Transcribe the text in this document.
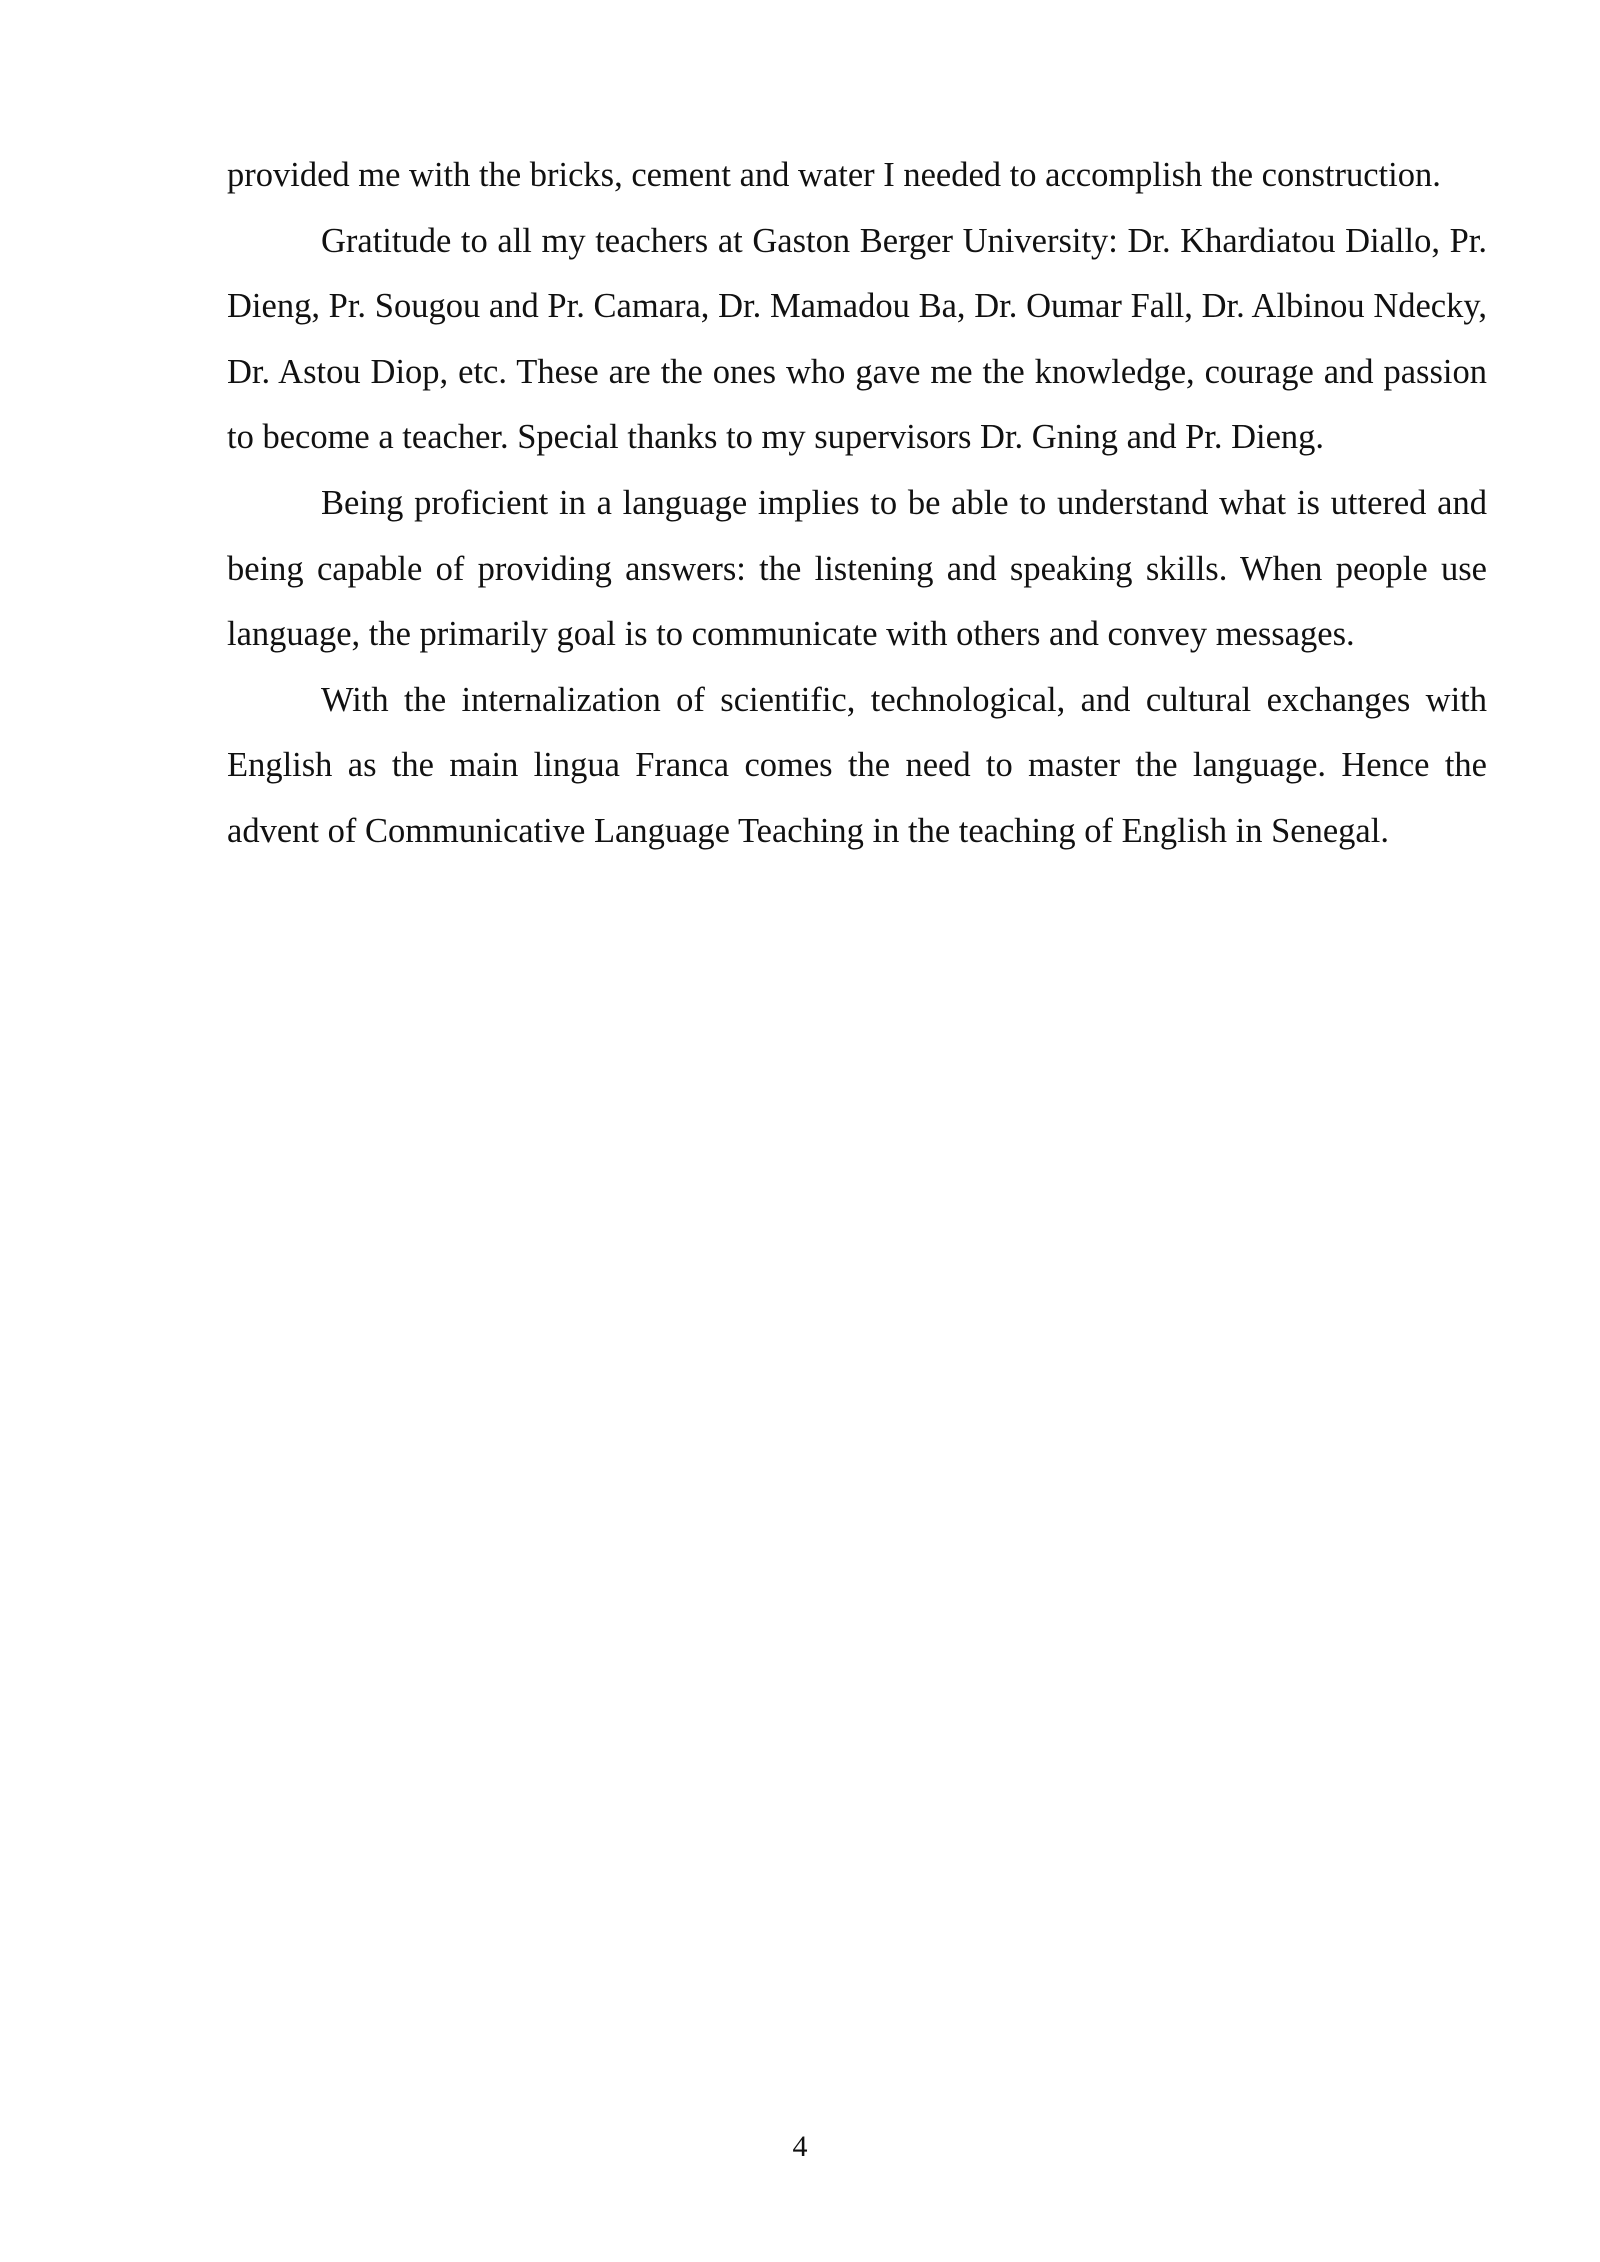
provided me with the bricks, cement and water I needed to accomplish the construction.

Gratitude to all my teachers at Gaston Berger University: Dr. Khardiatou Diallo, Pr. Dieng, Pr. Sougou and Pr. Camara, Dr. Mamadou Ba, Dr. Oumar Fall, Dr. Albinou Ndecky, Dr. Astou Diop, etc. These are the ones who gave me the knowledge, courage and passion to become a teacher. Special thanks to my supervisors Dr. Gning and Pr. Dieng.

Being proficient in a language implies to be able to understand what is uttered and being capable of providing answers: the listening and speaking skills. When people use language, the primarily goal is to communicate with others and convey messages.

With the internalization of scientific, technological, and cultural exchanges with English as the main lingua Franca comes the need to master the language. Hence the advent of Communicative Language Teaching in the teaching of English in Senegal.

4
